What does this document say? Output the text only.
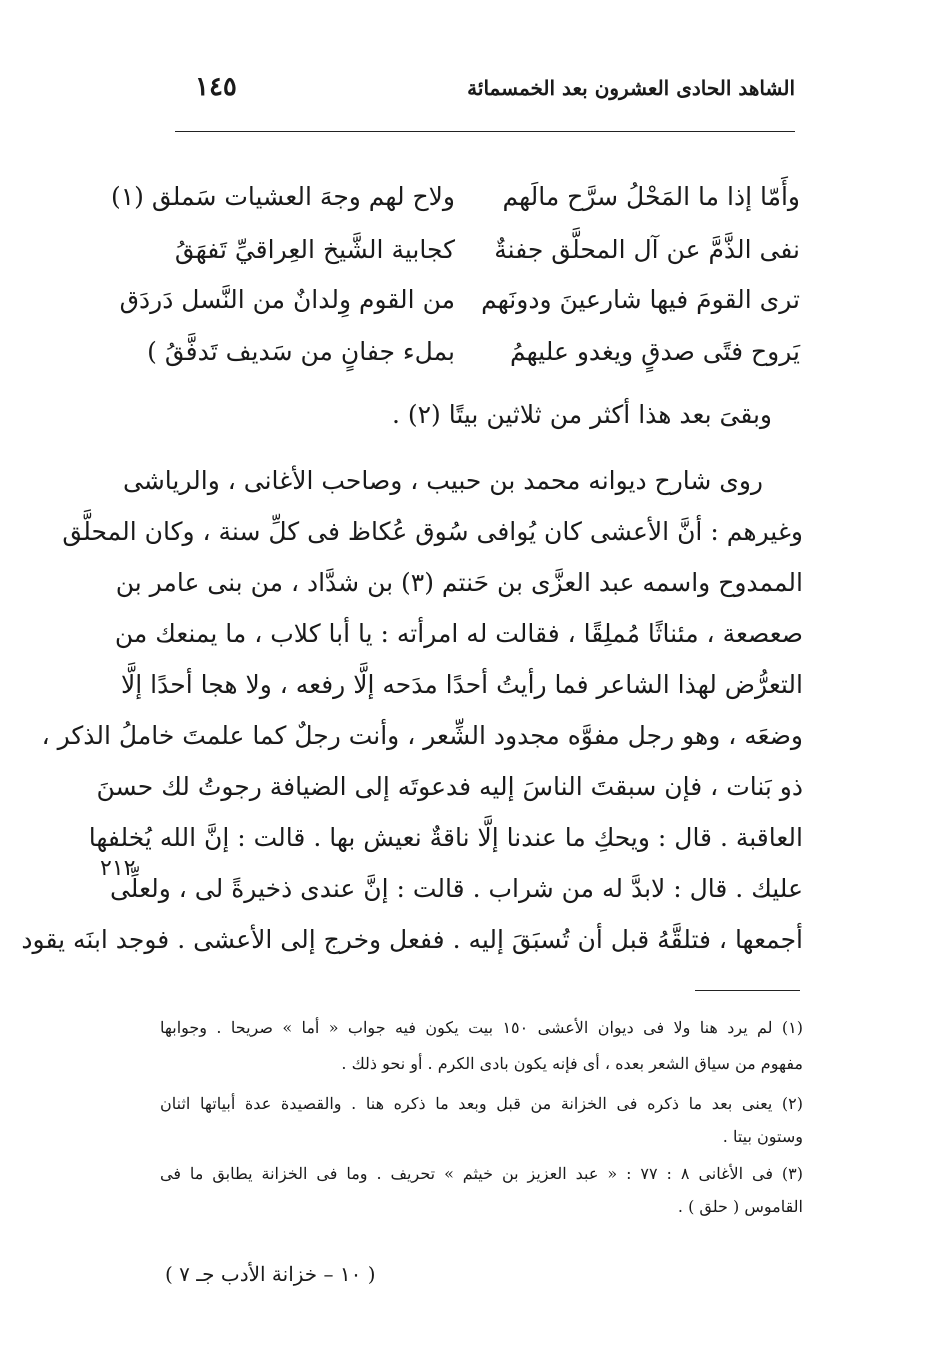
الشاهد الحادى العشرون بعد الخمسمائة
١٤٥
وأَمّا إذا ما المَحْلُ سرَّح مالَهم
ولاح لهم وجهَ العشيات سَملق (١)
نفى الذَّمَّ عن آل المحلَّق جفنةٌ
كجابية الشَّيخ العِراقيِّ تَفهَقُ
ترى القومَ فيها شارعينَ ودونَهم
من القوم وِلدانٌ من النَّسل دَردَق
يَروح فتًى صدقٍ ويغدو عليهمُ
بملء جفانٍ من سَديف تَدفَّقُ )
وبقىَ بعد هذا أكثر من ثلاثين بيتًا (٢) .
روى شارح ديوانه محمد بن حبيب ، وصاحب الأغانى ، والرياشى
وغيرهم : أنَّ الأعشى كان يُوافى سُوق عُكاظ فى كلِّ سنة ، وكان المحلَّق
الممدوح واسمه عبد العزَّى بن حَنتم (٣) بن شدَّاد ، من بنى عامر بن
صعصعة ، مئناثًا مُملِقًا ، فقالت له امرأته : يا أبا كلاب ، ما يمنعك من
التعرُّض لهذا الشاعر فما رأيتُ أحدًا مدَحه إلَّا رفعه ، ولا هجا أحدًا إلَّا
وضعَه ، وهو رجل مفوَّه مجدود الشِّعر ، وأنت رجلٌ كما علمتَ خاملُ الذكر ،
ذو بَنات ، فإن سبقتَ الناسَ إليه فدعوتَه إلى الضيافة رجوتُ لك حسنَ
العاقبة . قال : ويحكِ ما عندنا إلَّا ناقةٌ نعيش بها . قالت : إنَّ الله يُخلفها
عليك . قال : لابدَّ له من شراب . قالت : إنَّ عندى ذخيرةً لى ، ولعلِّى
أجمعها ، فتلقَّهُ قبل أن تُسبَقَ إليه . ففعل وخرج إلى الأعشى . فوجد ابنَه يقود
٢١٢
(١) لم يرد هنا ولا فى ديوان الأعشى ١٥٠ بيت يكون فيه جواب « أما » صريحا . وجوابها
مفهوم من سياق الشعر بعده ، أى فإنه يكون بادى الكرم . أو نحو ذلك .
(٢) يعنى بعد ما ذكره فى الخزانة من قبل وبعد ما ذكره هنا . والقصيدة عدة أبياتها اثنان
وستون بيتا .
(٣) فى الأغانى ٨ : ٧٧ : « عبد العزيز بن خيثم » تحريف . وما فى الخزانة يطابق ما فى
القاموس ( حلق ) .
( ١٠ – خزانة الأدب جـ ٧ )
